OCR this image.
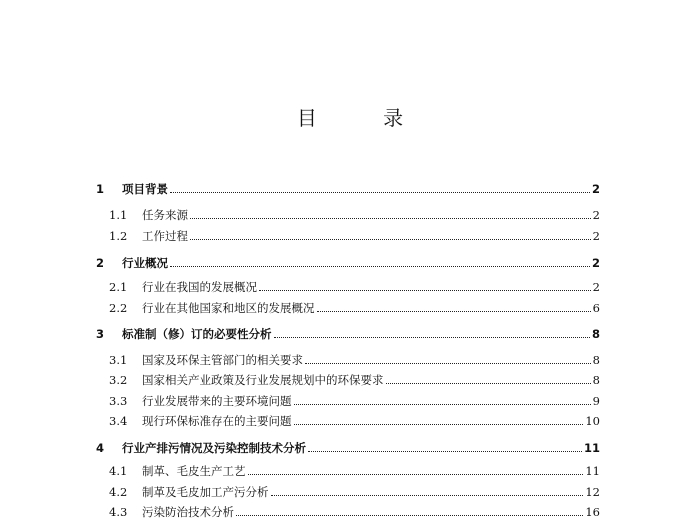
目 录
1	项目背景	2
1.1	任务来源	2
1.2	工作过程	2
2	行业概况	2
2.1	行业在我国的发展概况	2
2.2	行业在其他国家和地区的发展概况	6
3	标准制（修）订的必要性分析	8
3.1	国家及环保主管部门的相关要求	8
3.2	国家相关产业政策及行业发展规划中的环保要求	8
3.3	行业发展带来的主要环境问题	9
3.4	现行环保标准存在的主要问题	10
4	行业产排污情况及污染控制技术分析	11
4.1	制革、毛皮生产工艺	11
4.2	制革及毛皮加工产污分析	12
4.3	污染防治技术分析	16
